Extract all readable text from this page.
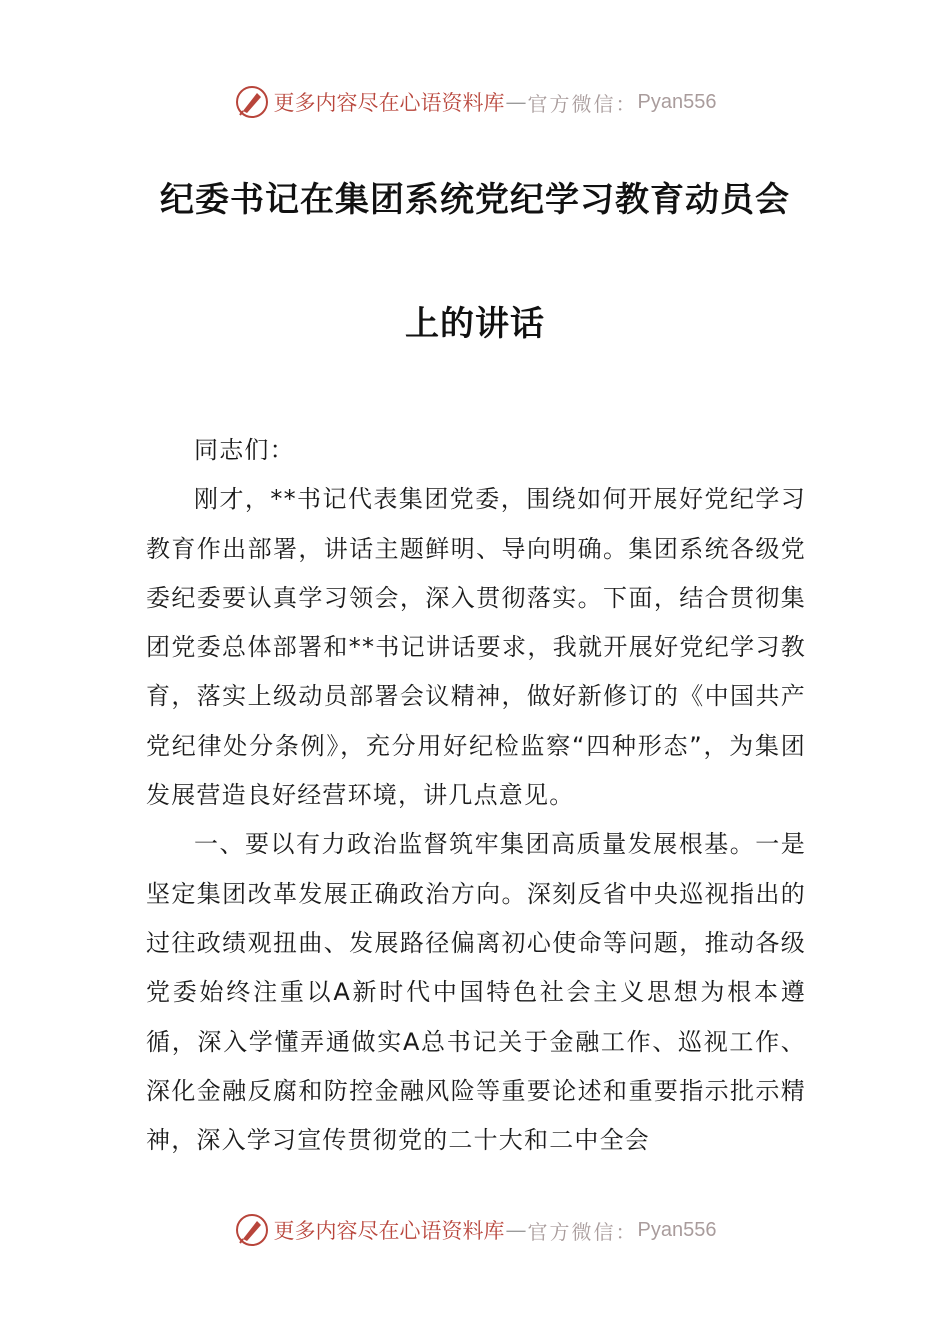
更多内容尽在心语资料库 — 官方微信： Pyan556
纪委书记在集团系统党纪学习教育动员会
上的讲话

同志们：

刚才，**书记代表集团党委，围绕如何开展好党纪学习教育作出部署，讲话主题鲜明、导向明确。集团系统各级党委纪委要认真学习领会，深入贯彻落实。下面，结合贯彻集团党委总体部署和**书记讲话要求，我就开展好党纪学习教育，落实上级动员部署会议精神，做好新修订的《中国共产党纪律处分条例》，充分用好纪检监察“四种形态”，为集团发展营造良好经营环境，讲几点意见。

一、要以有力政治监督筑牢集团高质量发展根基。一是坚定集团改革发展正确政治方向。深刻反省中央巡视指出的过往政绩观扭曲、发展路径偏离初心使命等问题，推动各级党委始终注重以A新时代中国特色社会主义思想为根本遵循，深入学懂弄通做实A总书记关于金融工作、巡视工作、深化金融反腐和防控金融风险等重要论述和重要指示批示精神，深入学习宣传贯彻党的二十大和二中全会

更多内容尽在心语资料库 — 官方微信： Pyan556
